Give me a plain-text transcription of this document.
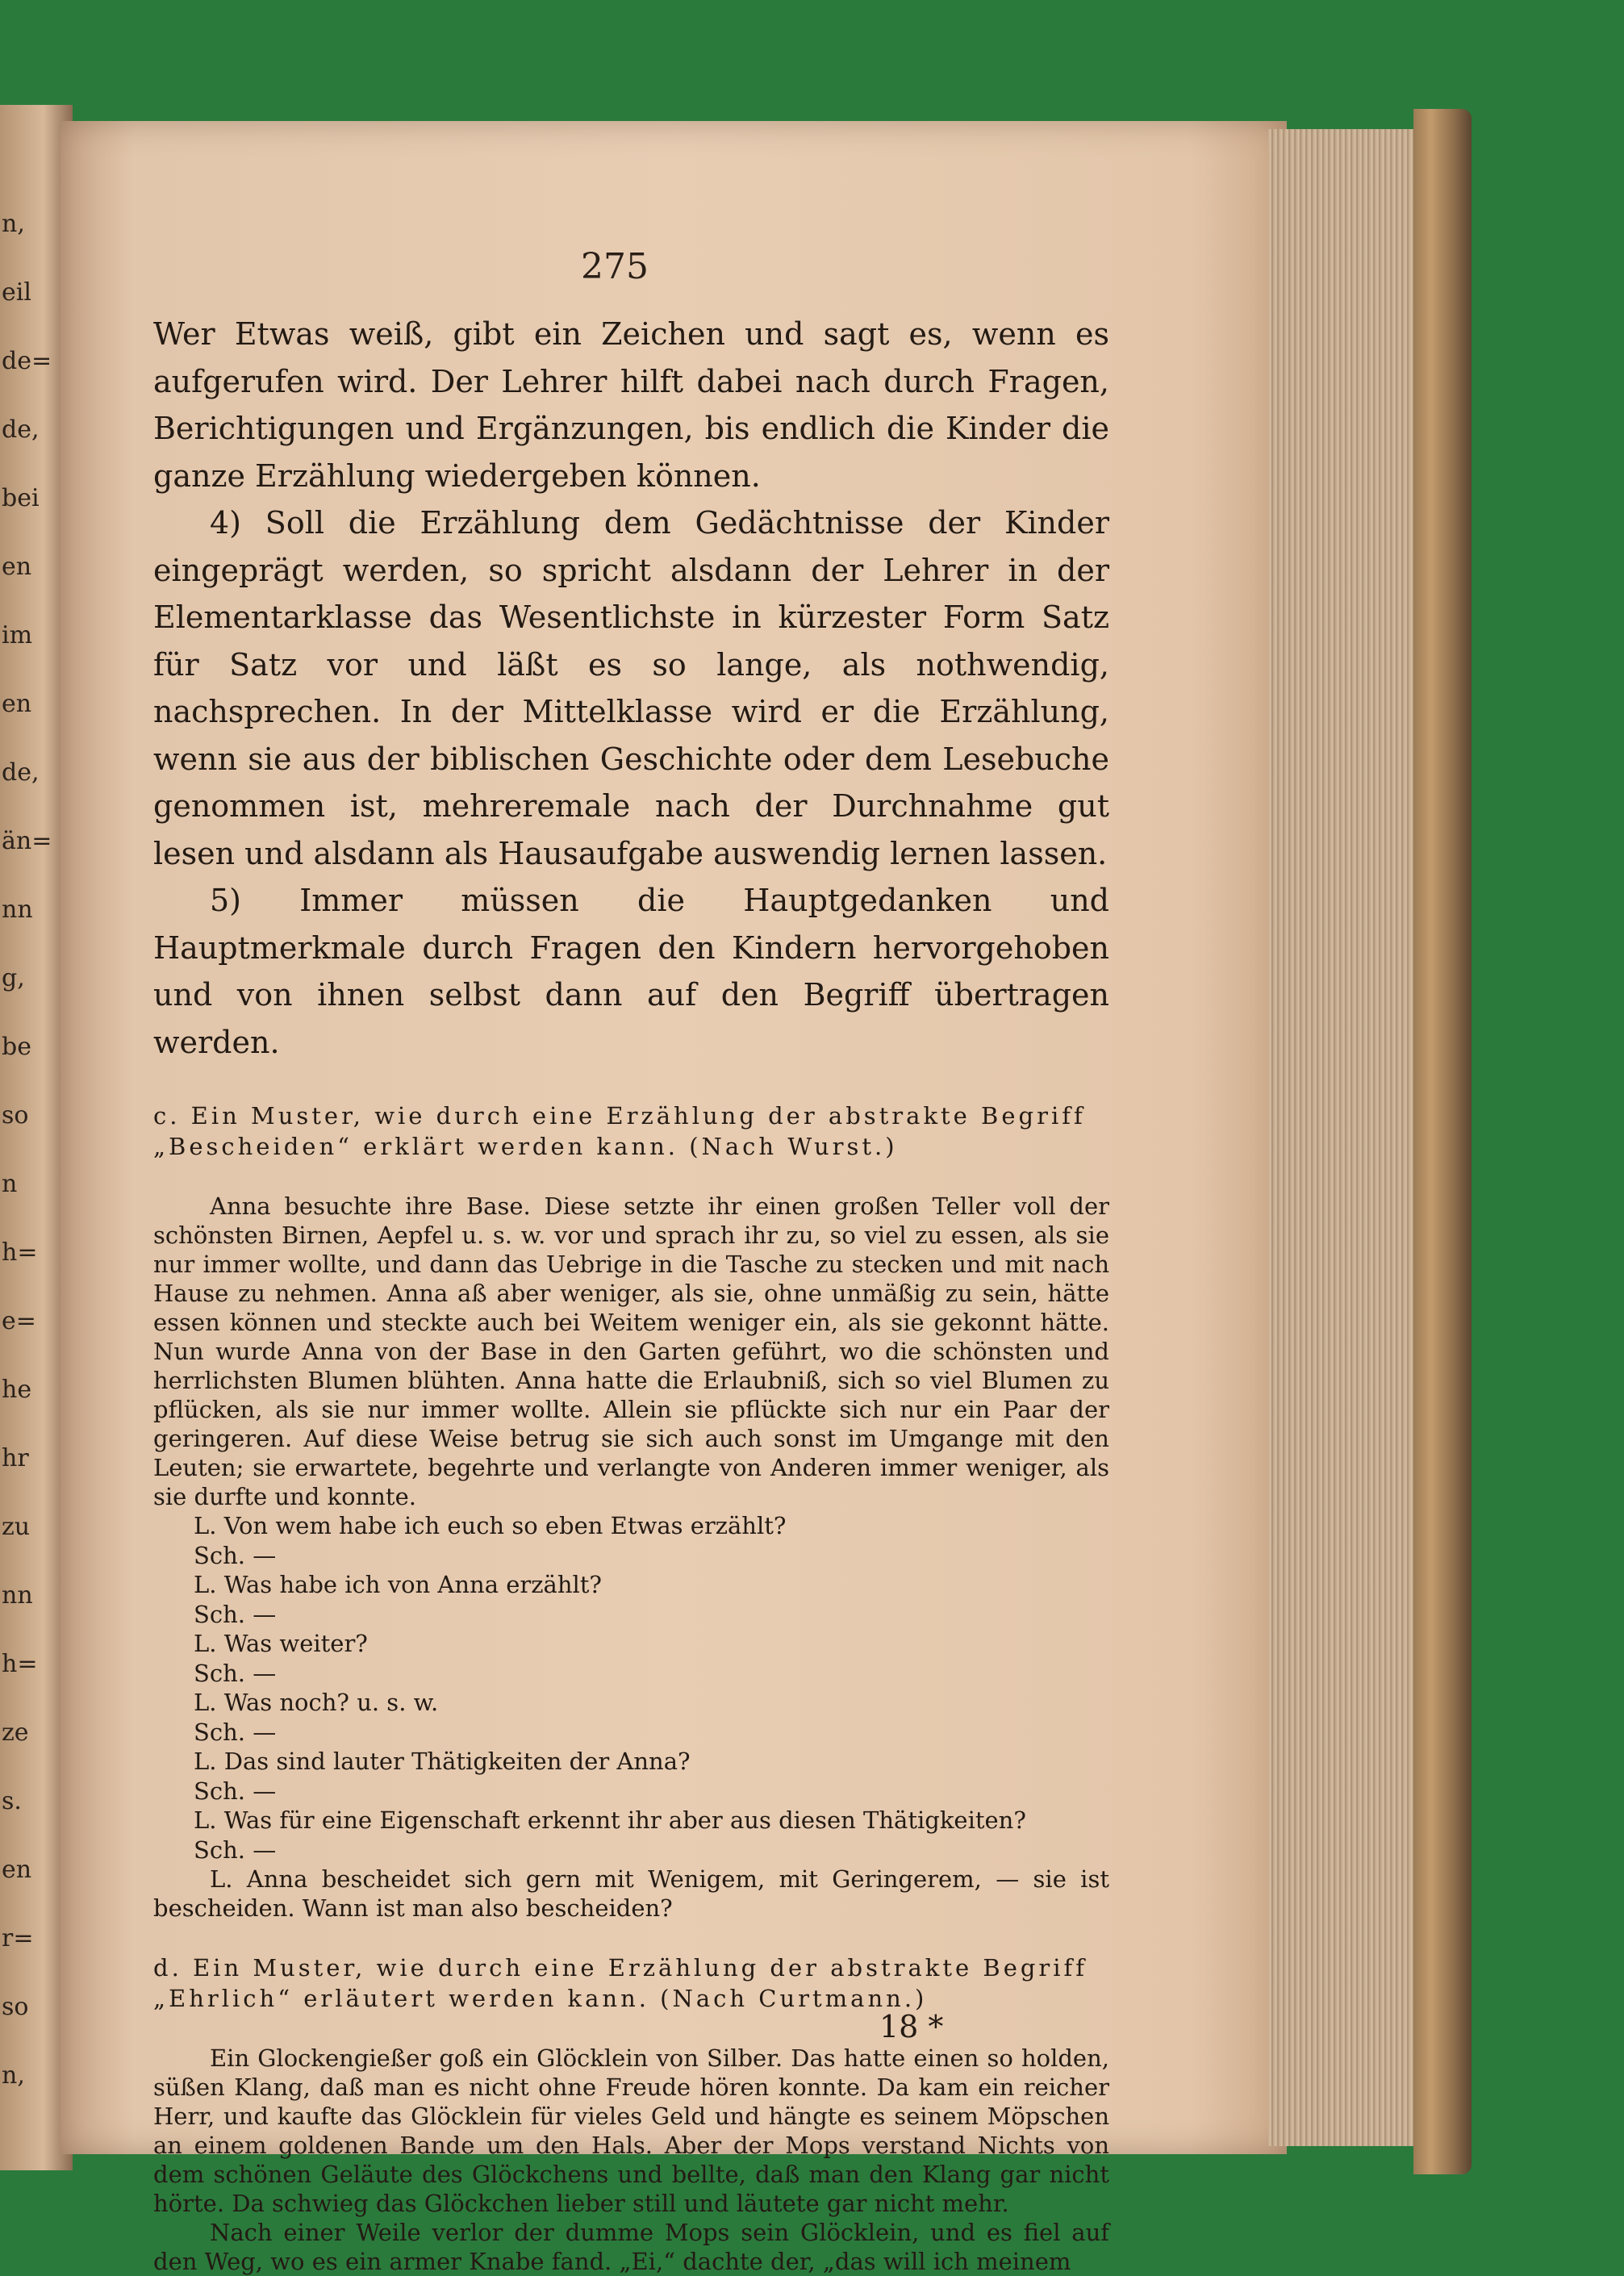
n,
eil
de=
de,
bei
en
im
en
de,
än=
nn
g,
be
so
n
h=
e=
he
hr
zu
nn
h=
ze
s.
en
r=
so
n,
275

Wer Etwas weiß, gibt ein Zeichen und sagt es, wenn es aufgerufen wird. Der Lehrer hilft dabei nach durch Fragen, Berichtigungen und Ergänzungen, bis endlich die Kinder die ganze Erzählung wiedergeben können.

4) Soll die Erzählung dem Gedächtnisse der Kinder eingeprägt werden, so spricht alsdann der Lehrer in der Elementarklasse das Wesentlichste in kürzester Form Satz für Satz vor und läßt es so lange, als nothwendig, nachsprechen. In der Mittelklasse wird er die Erzählung, wenn sie aus der biblischen Geschichte oder dem Lesebuche genommen ist, mehreremale nach der Durchnahme gut lesen und alsdann als Hausaufgabe auswendig lernen lassen.

5) Immer müssen die Hauptgedanken und Hauptmerkmale durch Fragen den Kindern hervorgehoben und von ihnen selbst dann auf den Begriff übertragen werden.

c. Ein Muster, wie durch eine Erzählung der abstrakte Begriff „Bescheiden“ erklärt werden kann. (Nach Wurst.)

Anna besuchte ihre Base. Diese setzte ihr einen großen Teller voll der schönsten Birnen, Aepfel u. s. w. vor und sprach ihr zu, so viel zu essen, als sie nur immer wollte, und dann das Uebrige in die Tasche zu stecken und mit nach Hause zu nehmen. Anna aß aber weniger, als sie, ohne unmäßig zu sein, hätte essen können und steckte auch bei Weitem weniger ein, als sie gekonnt hätte. Nun wurde Anna von der Base in den Garten geführt, wo die schönsten und herrlichsten Blumen blühten. Anna hatte die Erlaubniß, sich so viel Blumen zu pflücken, als sie nur immer wollte. Allein sie pflückte sich nur ein Paar der geringeren. Auf diese Weise betrug sie sich auch sonst im Umgange mit den Leuten; sie erwartete, begehrte und verlangte von Anderen immer weniger, als sie durfte und konnte.

L. Von wem habe ich euch so eben Etwas erzählt?

Sch. —

L. Was habe ich von Anna erzählt?

Sch. —

L. Was weiter?

Sch. —

L. Was noch? u. s. w.

Sch. —

L. Das sind lauter Thätigkeiten der Anna?

Sch. —

L. Was für eine Eigenschaft erkennt ihr aber aus diesen Thätigkeiten?

Sch. —

L. Anna bescheidet sich gern mit Wenigem, mit Geringerem, — sie ist bescheiden. Wann ist man also bescheiden?

d. Ein Muster, wie durch eine Erzählung der abstrakte Begriff „Ehrlich“ erläutert werden kann. (Nach Curtmann.)

Ein Glockengießer goß ein Glöcklein von Silber. Das hatte einen so holden, süßen Klang, daß man es nicht ohne Freude hören konnte. Da kam ein reicher Herr, und kaufte das Glöcklein für vieles Geld und hängte es seinem Möpschen an einem goldenen Bande um den Hals. Aber der Mops verstand Nichts von dem schönen Geläute des Glöckchens und bellte, daß man den Klang gar nicht hörte. Da schwieg das Glöckchen lieber still und läutete gar nicht mehr.

Nach einer Weile verlor der dumme Mops sein Glöcklein, und es fiel auf den Weg, wo es ein armer Knabe fand. „Ei,“ dachte der, „das will ich meinem

18 *
